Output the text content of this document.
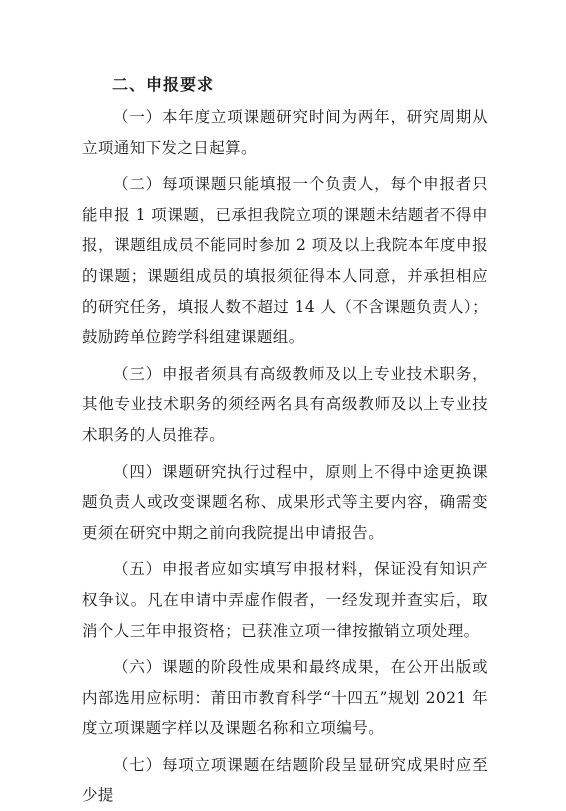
二、申报要求

（一）本年度立项课题研究时间为两年，研究周期从立项通知下发之日起算。

（二）每项课题只能填报一个负责人，每个申报者只能申报 1 项课题，已承担我院立项的课题未结题者不得申报，课题组成员不能同时参加 2 项及以上我院本年度申报的课题；课题组成员的填报须征得本人同意，并承担相应的研究任务，填报人数不超过 14 人（不含课题负责人）；鼓励跨单位跨学科组建课题组。

（三）申报者须具有高级教师及以上专业技术职务，其他专业技术职务的须经两名具有高级教师及以上专业技术职务的人员推荐。

（四）课题研究执行过程中，原则上不得中途更换课题负责人或改变课题名称、成果形式等主要内容，确需变更须在研究中期之前向我院提出申请报告。

（五）申报者应如实填写申报材料，保证没有知识产权争议。凡在申请中弄虚作假者，一经发现并查实后，取消个人三年申报资格；已获准立项一律按撤销立项处理。

（六）课题的阶段性成果和最终成果，在公开出版或内部选用应标明：莆田市教育科学“十四五”规划 2021 年度立项课题字样以及课题名称和立项编号。

（七）每项立项课题在结题阶段呈显研究成果时应至少提
